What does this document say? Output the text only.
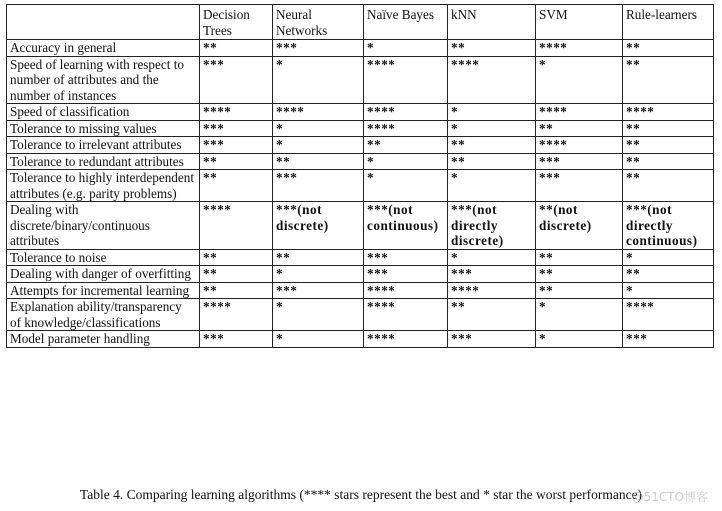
	Decision Trees	Neural Networks	Naïve Bayes	kNN	SVM	Rule-learners
Accuracy in general	**	***	*	**	****	**
Speed of learning with respect to number of attributes and the number of instances	***	*	****	****	*	**
Speed of classification	****	****	****	*	****	****
Tolerance to missing values	***	*	****	*	**	**
Tolerance to irrelevant attributes	***	*	**	**	****	**
Tolerance to redundant attributes	**	**	*	**	***	**
Tolerance to highly interdependent attributes (e.g. parity problems)	**	***	*	*	***	**
Dealing with discrete/binary/continuous attributes	****	***(not discrete)	***(not continuous)	***(not directly discrete)	**(not discrete)	***(not directly continuous)
Tolerance to noise	**	**	***	*	**	*
Dealing with danger of overfitting	**	*	***	***	**	**
Attempts for incremental learning	**	***	****	****	**	*
Explanation ability/transparency of knowledge/classifications	****	*	****	**	*	****
Model parameter handling	***	*	****	***	*	***
Table 4. Comparing learning algorithms (**** stars represent the best and * star the worst performance)
@51CTO博客
